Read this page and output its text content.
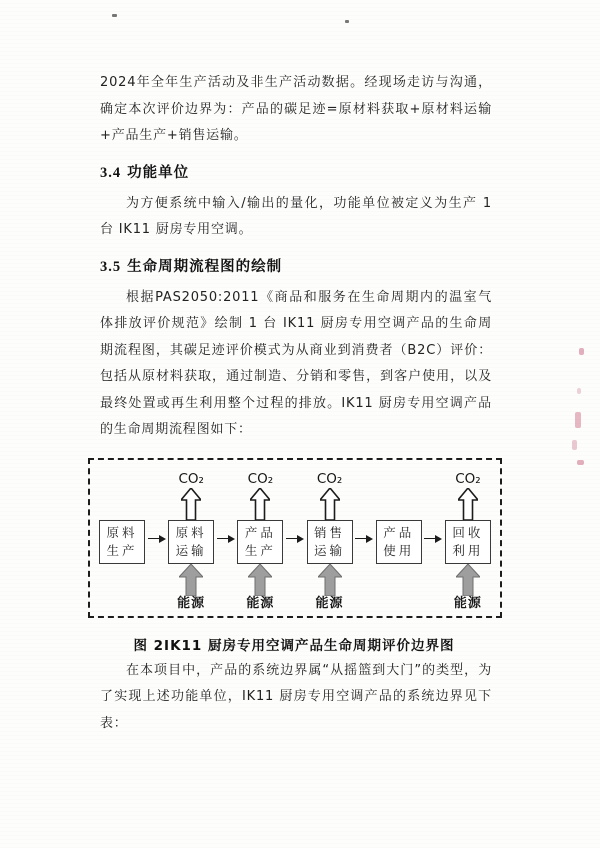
2024年全年生产活动及非生产活动数据。经现场走访与沟通，确定本次评价边界为：产品的碳足迹=原材料获取+原材料运输+产品生产+销售运输。

3.4 功能单位

为方便系统中输入/输出的量化，功能单位被定义为生产 1 台 IK11 厨房专用空调。

3.5 生命周期流程图的绘制

根据PAS2050:2011《商品和服务在生命周期内的温室气体排放评价规范》绘制 1 台 IK11 厨房专用空调产品的生命周期流程图，其碳足迹评价模式为从商业到消费者（B2C）评价：包括从原材料获取，通过制造、分销和零售，到客户使用，以及最终处置或再生利用整个过程的排放。IK11 厨房专用空调产品的生命周期流程图如下：

原料
生产
CO₂
原料
运输
能源
CO₂
产品
生产
能源
CO₂
销售
运输
能源
产品
使用
CO₂
回收
利用
能源
图 2IK11 厨房专用空调产品生命周期评价边界图

在本项目中，产品的系统边界属“从摇篮到大门”的类型，为了实现上述功能单位，IK11 厨房专用空调产品的系统边界见下表：
